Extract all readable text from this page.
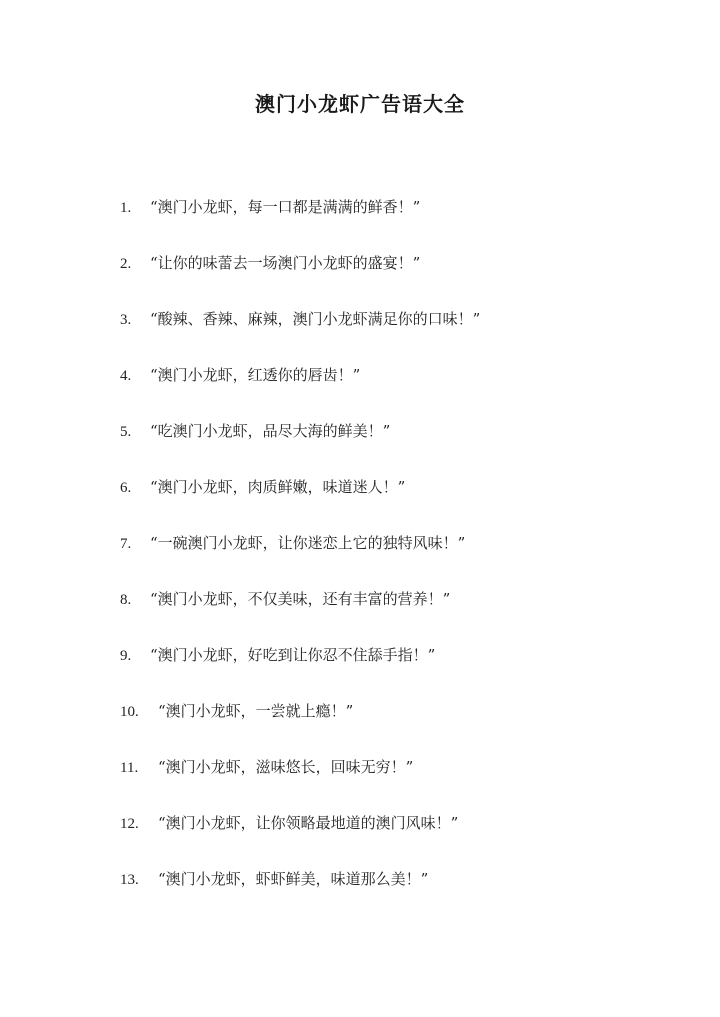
澳门小龙虾广告语大全
1. “澳门小龙虾，每一口都是满满的鲜香！”
2. “让你的味蕾去一场澳门小龙虾的盛宴！”
3. “酸辣、香辣、麻辣，澳门小龙虾满足你的口味！”
4. “澳门小龙虾，红透你的唇齿！”
5. “吃澳门小龙虾，品尽大海的鲜美！”
6. “澳门小龙虾，肉质鲜嫩，味道迷人！”
7. “一碗澳门小龙虾，让你迷恋上它的独特风味！”
8. “澳门小龙虾，不仅美味，还有丰富的营养！”
9. “澳门小龙虾，好吃到让你忍不住舔手指！”
10. “澳门小龙虾，一尝就上瘾！”
11. “澳门小龙虾，滋味悠长，回味无穷！”
12. “澳门小龙虾，让你领略最地道的澳门风味！”
13. “澳门小龙虾，虾虾鲜美，味道那么美！”
